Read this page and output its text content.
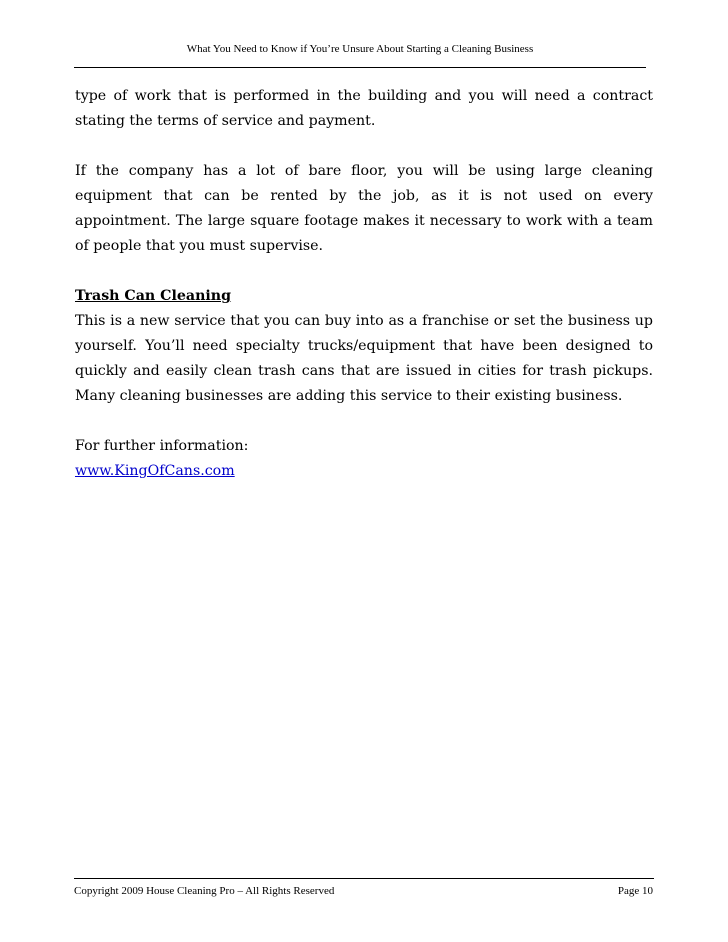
What You Need to Know if You’re Unsure About Starting a Cleaning Business

type of work that is performed in the building and you will need a contract stating the terms of service and payment.

If the company has a lot of bare floor, you will be using large cleaning equipment that can be rented by the job, as it is not used on every appointment. The large square footage makes it necessary to work with a team of people that you must supervise.

Trash Can Cleaning

This is a new service that you can buy into as a franchise or set the business up yourself. You’ll need specialty trucks/equipment that have been designed to quickly and easily clean trash cans that are issued in cities for trash pickups. Many cleaning businesses are adding this service to their existing business.

For further information:

www.KingOfCans.com

Copyright 2009 House Cleaning Pro – All Rights Reserved	Page 10
